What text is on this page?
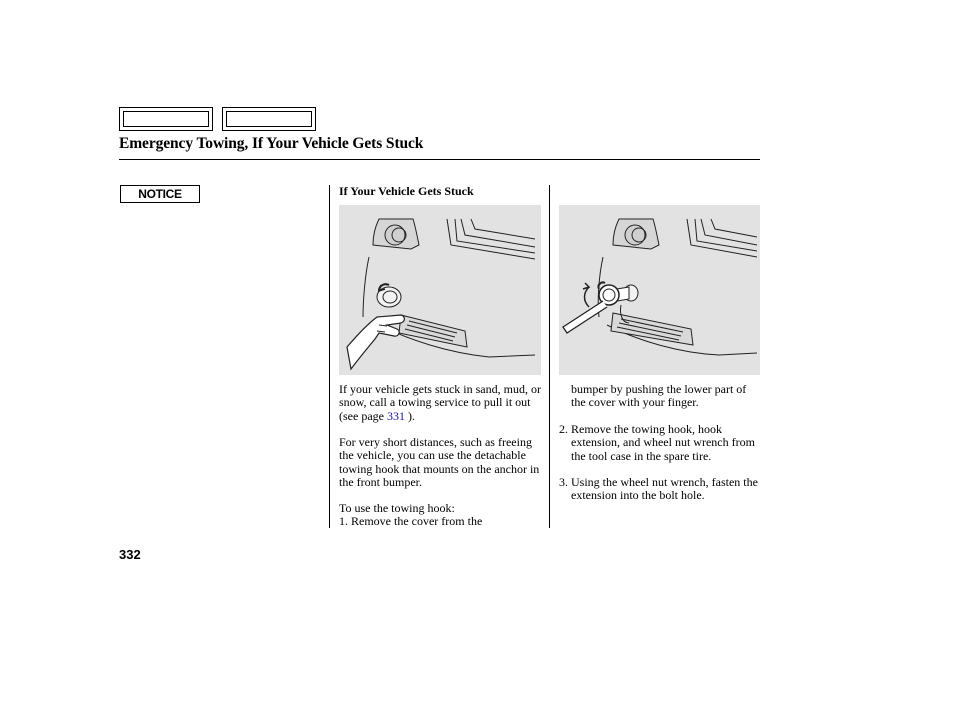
Emergency Towing, If Your Vehicle Gets Stuck
NOTICE	If Your Vehicle Gets Stuck
If your vehicle gets stuck in sand, mud, or snow, call a towing service to pull it out (see page 331 ).
For very short distances, such as freeing the vehicle, you can use the detachable towing hook that mounts on the anchor in the front bumper.
To use the towing hook:
1. Remove the cover from the
bumper by pushing the lower part of the cover with your finger.
2. Remove the towing hook, hook extension, and wheel nut wrench from the tool case in the spare tire.
3. Using the wheel nut wrench, fasten the extension into the bolt hole.
332
